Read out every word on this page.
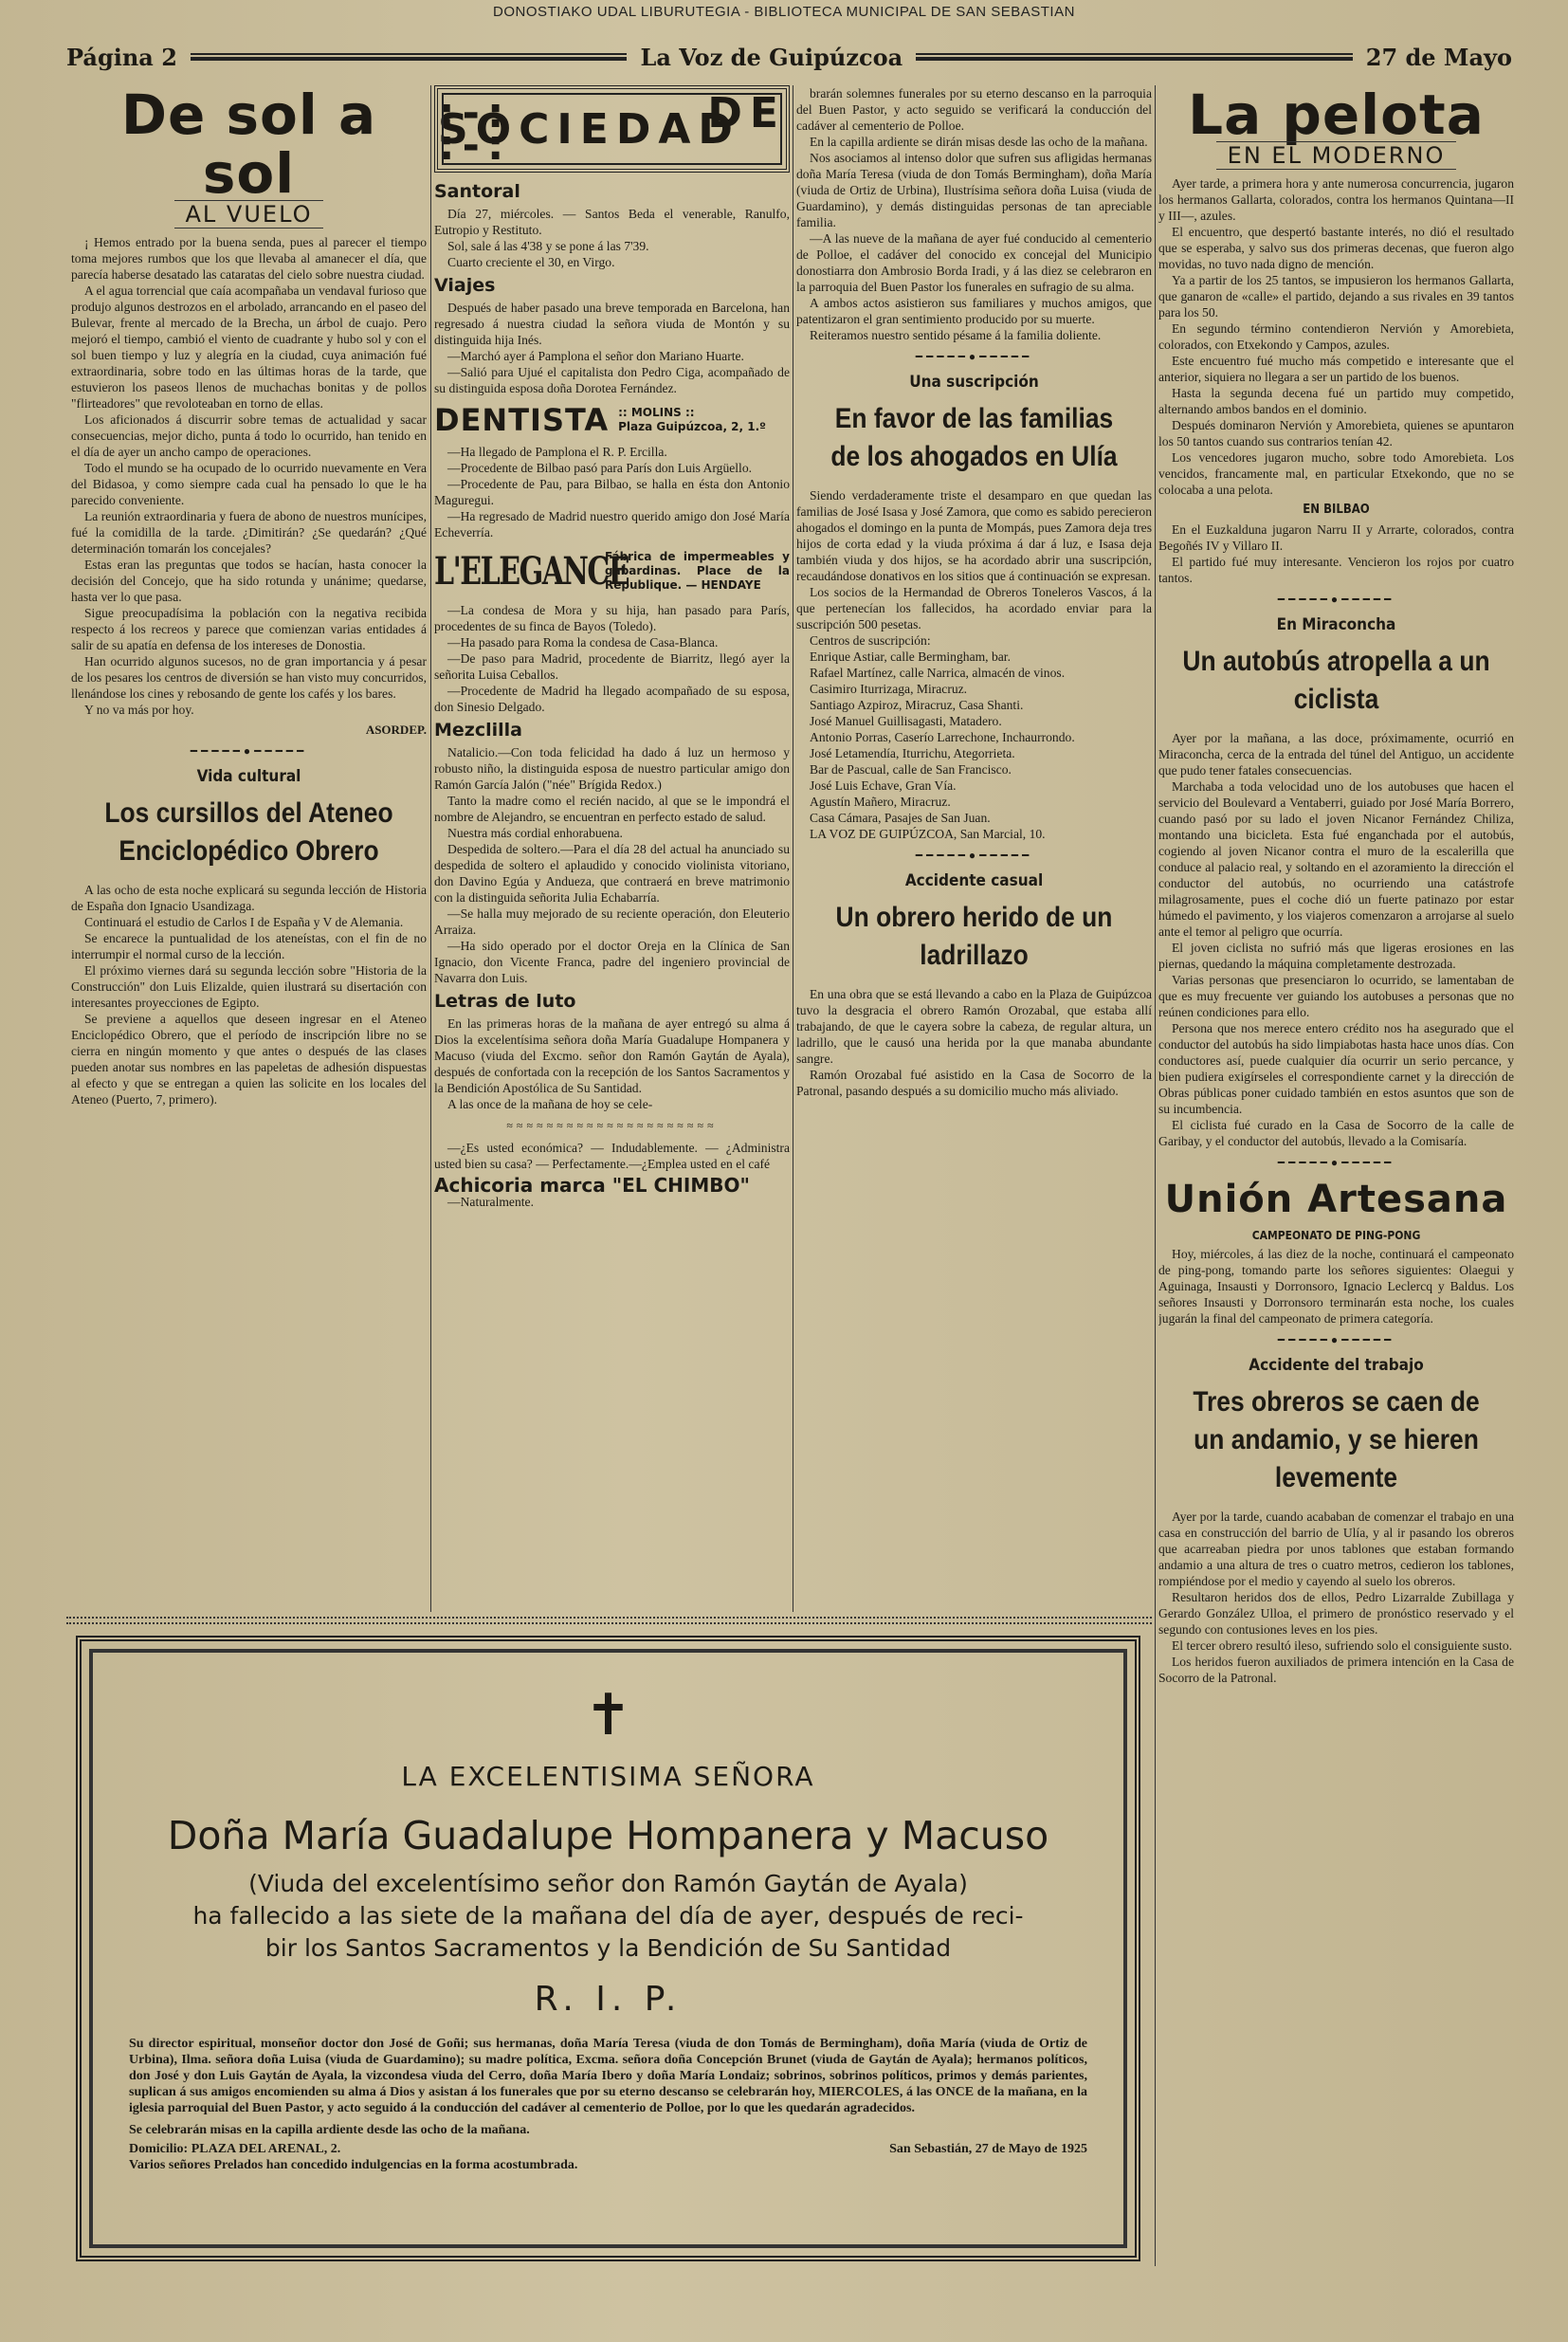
DONOSTIAKO UDAL LIBURUTEGIA - BIBLIOTECA MUNICIPAL DE SAN SEBASTIAN
Página 2	La Voz de Guipúzcoa	27 de Mayo
De sol a sol
AL VUELO

¡ Hemos entrado por la buena senda, pues al parecer el tiempo toma mejores rumbos que los que llevaba al amanecer el día, que parecía haberse desatado las cataratas del cielo sobre nuestra ciudad.

A el agua torrencial que caía acompañaba un vendaval furioso que produjo algunos destrozos en el arbolado, arrancando en el paseo del Bulevar, frente al mercado de la Brecha, un árbol de cuajo. Pero mejoró el tiempo, cambió el viento de cuadrante y hubo sol y con el sol buen tiempo y luz y alegría en la ciudad, cuya animación fué extraordinaria, sobre todo en las últimas horas de la tarde, que estuvieron los paseos llenos de muchachas bonitas y de pollos "flirteadores" que revoloteaban en torno de ellas.

Los aficionados á discurrir sobre temas de actualidad y sacar consecuencias, mejor dicho, punta á todo lo ocurrido, han tenido en el día de ayer un ancho campo de operaciones.

Todo el mundo se ha ocupado de lo ocurrido nuevamente en Vera del Bidasoa, y como siempre cada cual ha pensado lo que le ha parecido conveniente.

La reunión extraordinaria y fuera de abono de nuestros munícipes, fué la comidilla de la tarde. ¿Dimitirán? ¿Se quedarán? ¿Qué determinación tomarán los concejales?

Estas eran las preguntas que todos se hacían, hasta conocer la decisión del Concejo, que ha sido rotunda y unánime; quedarse, hasta ver lo que pasa.

Sigue preocupadísima la población con la negativa recibida respecto á los recreos y parece que comienzan varias entidades á salir de su apatía en defensa de los intereses de Donostia.

Han ocurrido algunos sucesos, no de gran importancia y á pesar de los pesares los centros de diversión se han visto muy concurridos, llenándose los cines y rebosando de gente los cafés y los bares.

Y no va más por hoy.

ASORDEP.
━━━━━●━━━━━
Vida cultural
Los cursillos del Ateneo Enciclopédico Obrero

A las ocho de esta noche explicará su segunda lección de Historia de España don Ignacio Usandizaga.

Continuará el estudio de Carlos I de España y V de Alemania.

Se encarece la puntualidad de los ateneístas, con el fin de no interrumpir el normal curso de la lección.

El próximo viernes dará su segunda lección sobre "Historia de la Construcción" don Luis Elizalde, quien ilustrará su disertación con interesantes proyecciones de Egipto.

Se previene a aquellos que deseen ingresar en el Ateneo Enciclopédico Obrero, que el período de inscripción libre no se cierra en ningún momento y que antes o después de las clases pueden anotar sus nombres en las papeletas de adhesión dispuestas al efecto y que se entregan a quien las solicite en los locales del Ateneo (Puerto, 7, primero).

:-: DE SOCIEDAD :-:
Santoral

Día 27, miércoles. — Santos Beda el venerable, Ranulfo, Eutropio y Restituto.

Sol, sale á las 4'38 y se pone á las 7'39.

Cuarto creciente el 30, en Virgo.

Viajes

Después de haber pasado una breve temporada en Barcelona, han regresado á nuestra ciudad la señora viuda de Montón y su distinguida hija Inés.

—Marchó ayer á Pamplona el señor don Mariano Huarte.

—Salió para Ujué el capitalista don Pedro Ciga, acompañado de su distinguida esposa doña Dorotea Fernández.

DENTISTA :: MOLINS ::
Plaza Guipúzcoa, 2, 1.º

—Ha llegado de Pamplona el R. P. Ercilla.

—Procedente de Bilbao pasó para París don Luis Argüello.

—Procedente de Pau, para Bilbao, se halla en ésta don Antonio Maguregui.

—Ha regresado de Madrid nuestro querido amigo don José María Echeverría.

L'ELEGANCE
Fábrica de impermeables y gabardinas. Place de la Republique. — HENDAYE

—La condesa de Mora y su hija, han pasado para París, procedentes de su finca de Bayos (Toledo).

—Ha pasado para Roma la condesa de Casa-Blanca.

—De paso para Madrid, procedente de Biarritz, llegó ayer la señorita Luisa Ceballos.

—Procedente de Madrid ha llegado acompañado de su esposa, don Sinesio Delgado.

Mezclilla

Natalicio.—Con toda felicidad ha dado á luz un hermoso y robusto niño, la distinguida esposa de nuestro particular amigo don Ramón García Jalón ("née" Brígida Redox.)

Tanto la madre como el recién nacido, al que se le impondrá el nombre de Alejandro, se encuentran en perfecto estado de salud.

Nuestra más cordial enhorabuena.

Despedida de soltero.—Para el día 28 del actual ha anunciado su despedida de soltero el aplaudido y conocido violinista vitoriano, don Davino Egúa y Andueza, que contraerá en breve matrimonio con la distinguida señorita Julia Echabarría.

—Se halla muy mejorado de su reciente operación, don Eleuterio Arraiza.

—Ha sido operado por el doctor Oreja en la Clínica de San Ignacio, don Vicente Franca, padre del ingeniero provincial de Navarra don Luis.

Letras de luto

En las primeras horas de la mañana de ayer entregó su alma á Dios la excelentísima señora doña María Guadalupe Hompanera y Macuso (viuda del Excmo. señor don Ramón Gaytán de Ayala), después de confortada con la recepción de los Santos Sacramentos y la Bendición Apostólica de Su Santidad.

A las once de la mañana de hoy se cele-

≈≈≈≈≈≈≈≈≈≈≈≈≈≈≈≈≈≈≈≈≈

—¿Es usted económica? — Indudablemente. — ¿Administra usted bien su casa? — Perfectamente.—¿Emplea usted en el café

Achicoria marca "EL CHIMBO"

—Naturalmente.

brarán solemnes funerales por su eterno descanso en la parroquia del Buen Pastor, y acto seguido se verificará la conducción del cadáver al cementerio de Polloe.

En la capilla ardiente se dirán misas desde las ocho de la mañana.

Nos asociamos al intenso dolor que sufren sus afligidas hermanas doña María Teresa (viuda de don Tomás Bermingham), doña María (viuda de Ortiz de Urbina), Ilustrísima señora doña Luisa (viuda de Guardamino), y demás distinguidas personas de tan apreciable familia.

—A las nueve de la mañana de ayer fué conducido al cementerio de Polloe, el cadáver del conocido ex concejal del Municipio donostiarra don Ambrosio Borda Iradi, y á las diez se celebraron en la parroquia del Buen Pastor los funerales en sufragio de su alma.

A ambos actos asistieron sus familiares y muchos amigos, que patentizaron el gran sentimiento producido por su muerte.

Reiteramos nuestro sentido pésame á la familia doliente.

━━━━━●━━━━━
Una suscripción
En favor de las familias de los ahogados en Ulía

Siendo verdaderamente triste el desamparo en que quedan las familias de José Isasa y José Zamora, que como es sabido perecieron ahogados el domingo en la punta de Mompás, pues Zamora deja tres hijos de corta edad y la viuda próxima á dar á luz, e Isasa deja también viuda y dos hijos, se ha acordado abrir una suscripción, recaudándose donativos en los sitios que á continuación se expresan.

Los socios de la Hermandad de Obreros Toneleros Vascos, á la que pertenecían los fallecidos, ha acordado enviar para la suscripción 500 pesetas.

Centros de suscripción:

Enrique Astiar, calle Bermingham, bar.

Rafael Martínez, calle Narrica, almacén de vinos.

Casimiro Iturrizaga, Miracruz.

Santiago Azpiroz, Miracruz, Casa Shanti.

José Manuel Guillisagasti, Matadero.

Antonio Porras, Caserío Larrechone, Inchaurrondo.

José Letamendía, Iturrichu, Ategorrieta.

Bar de Pascual, calle de San Francisco.

José Luis Echave, Gran Vía.

Agustín Mañero, Miracruz.

Casa Cámara, Pasajes de San Juan.

LA VOZ DE GUIPÚZCOA, San Marcial, 10.

━━━━━●━━━━━
Accidente casual
Un obrero herido de un ladrillazo

En una obra que se está llevando a cabo en la Plaza de Guipúzcoa tuvo la desgracia el obrero Ramón Orozabal, que estaba allí trabajando, de que le cayera sobre la cabeza, de regular altura, un ladrillo, que le causó una herida por la que manaba abundante sangre.

Ramón Orozabal fué asistido en la Casa de Socorro de la Patronal, pasando después a su domicilio mucho más aliviado.

La pelota
EN EL MODERNO

Ayer tarde, a primera hora y ante numerosa concurrencia, jugaron los hermanos Gallarta, colorados, contra los hermanos Quintana—II y III—, azules.

El encuentro, que despertó bastante interés, no dió el resultado que se esperaba, y salvo sus dos primeras decenas, que fueron algo movidas, no tuvo nada digno de mención.

Ya a partir de los 25 tantos, se impusieron los hermanos Gallarta, que ganaron de «calle» el partido, dejando a sus rivales en 39 tantos para los 50.

En segundo término contendieron Nervión y Amorebieta, colorados, con Etxekondo y Campos, azules.

Este encuentro fué mucho más competido e interesante que el anterior, siquiera no llegara a ser un partido de los buenos.

Hasta la segunda decena fué un partido muy competido, alternando ambos bandos en el dominio.

Después dominaron Nervión y Amorebieta, quienes se apuntaron los 50 tantos cuando sus contrarios tenían 42.

Los vencedores jugaron mucho, sobre todo Amorebieta. Los vencidos, francamente mal, en particular Etxekondo, que no se colocaba a una pelota.

EN BILBAO

En el Euzkalduna jugaron Narru II y Arrarte, colorados, contra Begoñés IV y Villaro II.

El partido fué muy interesante. Vencieron los rojos por cuatro tantos.

━━━━━●━━━━━
En Miraconcha
Un autobús atropella a un ciclista

Ayer por la mañana, a las doce, próximamente, ocurrió en Miraconcha, cerca de la entrada del túnel del Antiguo, un accidente que pudo tener fatales consecuencias.

Marchaba a toda velocidad uno de los autobuses que hacen el servicio del Boulevard a Ventaberri, guiado por José María Borrero, cuando pasó por su lado el joven Nicanor Fernández Chiliza, montando una bicicleta. Esta fué enganchada por el autobús, cogiendo al joven Nicanor contra el muro de la escalerilla que conduce al palacio real, y soltando en el azoramiento la dirección el conductor del autobús, no ocurriendo una catástrofe milagrosamente, pues el coche dió un fuerte patinazo por estar húmedo el pavimento, y los viajeros comenzaron a arrojarse al suelo ante el temor al peligro que ocurría.

El joven ciclista no sufrió más que ligeras erosiones en las piernas, quedando la máquina completamente destrozada.

Varias personas que presenciaron lo ocurrido, se lamentaban de que es muy frecuente ver guiando los autobuses a personas que no reúnen condiciones para ello.

Persona que nos merece entero crédito nos ha asegurado que el conductor del autobús ha sido limpiabotas hasta hace unos días. Con conductores así, puede cualquier día ocurrir un serio percance, y bien pudiera exigírseles el correspondiente carnet y la dirección de Obras públicas poner cuidado también en estos asuntos que son de su incumbencia.

El ciclista fué curado en la Casa de Socorro de la calle de Garibay, y el conductor del autobús, llevado a la Comisaría.

━━━━━●━━━━━
Unión Artesana
CAMPEONATO DE PING-PONG

Hoy, miércoles, á las diez de la noche, continuará el campeonato de ping-pong, tomando parte los señores siguientes: Olaegui y Aguinaga, Insausti y Dorronsoro, Ignacio Leclercq y Baldus. Los señores Insausti y Dorronsoro terminarán esta noche, los cuales jugarán la final del campeonato de primera categoría.

━━━━━●━━━━━
Accidente del trabajo
Tres obreros se caen de un andamio, y se hieren levemente

Ayer por la tarde, cuando acababan de comenzar el trabajo en una casa en construcción del barrio de Ulía, y al ir pasando los obreros que acarreaban piedra por unos tablones que estaban formando andamio a una altura de tres o cuatro metros, cedieron los tablones, rompiéndose por el medio y cayendo al suelo los obreros.

Resultaron heridos dos de ellos, Pedro Lizarralde Zubillaga y Gerardo González Ulloa, el primero de pronóstico reservado y el segundo con contusiones leves en los pies.

El tercer obrero resultó ileso, sufriendo solo el consiguiente susto.

Los heridos fueron auxiliados de primera intención en la Casa de Socorro de la Patronal.

✝
LA EXCELENTISIMA SEÑORA
Doña María Guadalupe Hompanera y Macuso
(Viuda del excelentísimo señor don Ramón Gaytán de Ayala)
ha fallecido a las siete de la mañana del día de ayer, después de reci-
bir los Santos Sacramentos y la Bendición de Su Santidad
R. I. P.
Su director espiritual, monseñor doctor don José de Goñi; sus hermanas, doña María Teresa (viuda de don Tomás de Bermingham), doña María (viuda de Ortiz de Urbina), Ilma. señora doña Luisa (viuda de Guardamino); su madre política, Excma. señora doña Concepción Brunet (viuda de Gaytán de Ayala); hermanos políticos, don José y don Luis Gaytán de Ayala, la vizcondesa viuda del Cerro, doña María Ibero y doña María Londaiz; sobrinos, sobrinos políticos, primos y demás parientes, suplican á sus amigos encomienden su alma á Dios y asistan á los funerales que por su eterno descanso se celebrarán hoy, MIERCOLES, á las ONCE de la mañana, en la iglesia parroquial del Buen Pastor, y acto seguido á la conducción del cadáver al cementerio de Polloe, por lo que les quedarán agradecidos.
Se celebrarán misas en la capilla ardiente desde las ocho de la mañana.
Domicilio: PLAZA DEL ARENAL, 2.	San Sebastián, 27 de Mayo de 1925
Varios señores Prelados han concedido indulgencias en la forma acostumbrada.
